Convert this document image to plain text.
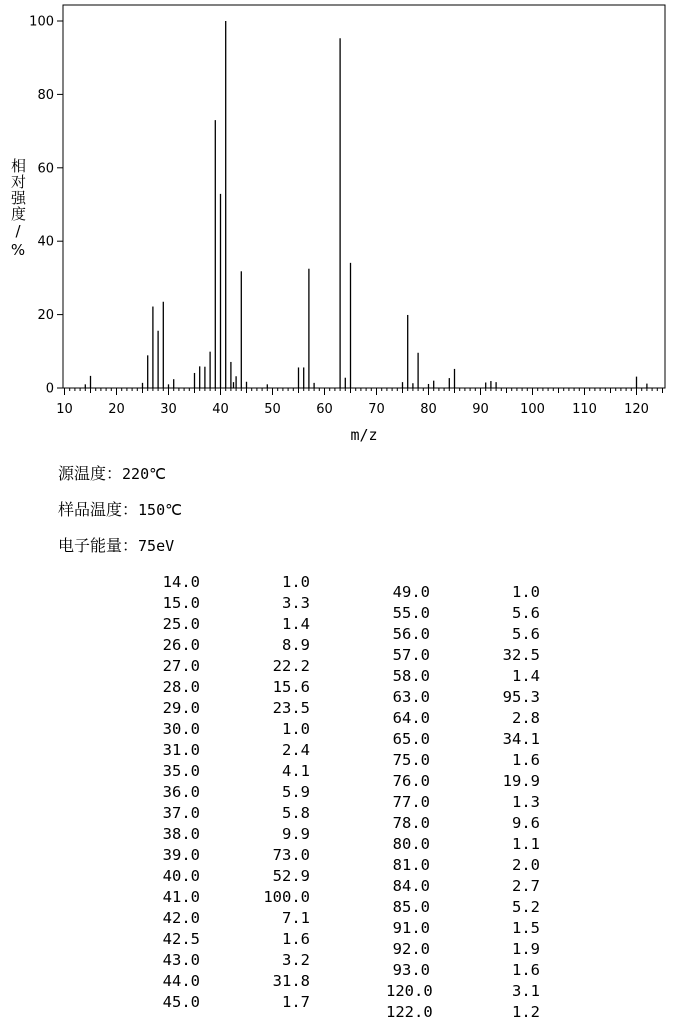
0
20
40
60
80
100
10	20	30	40	50	60	70	80	90 100 110 120
m/z
相对强度/%
源温度：220℃
样品温度：150℃
电子能量：75eV
14.0	1.0
15.0	3.3
25.0	1.4
26.0	8.9
27.0	22.2
28.0	15.6
29.0	23.5
30.0	1.0
31.0	2.4
35.0	4.1
36.0	5.9
37.0	5.8
38.0	9.9
39.0	73.0
40.0	52.9
41.0	100.0
42.0	7.1
42.5	1.6
43.0	3.2
44.0	31.8
45.0	1.7
49.0	1.0
55.0	5.6
56.0	5.6
57.0	32.5
58.0	1.4
63.0	95.3
64.0	2.8
65.0	34.1
75.0	1.6
76.0	19.9
77.0	1.3
78.0	9.6
80.0	1.1
81.0	2.0
84.0	2.7
85.0	5.2
91.0	1.5
92.0	1.9
93.0	1.6
120.0	3.1
122.0	1.2
